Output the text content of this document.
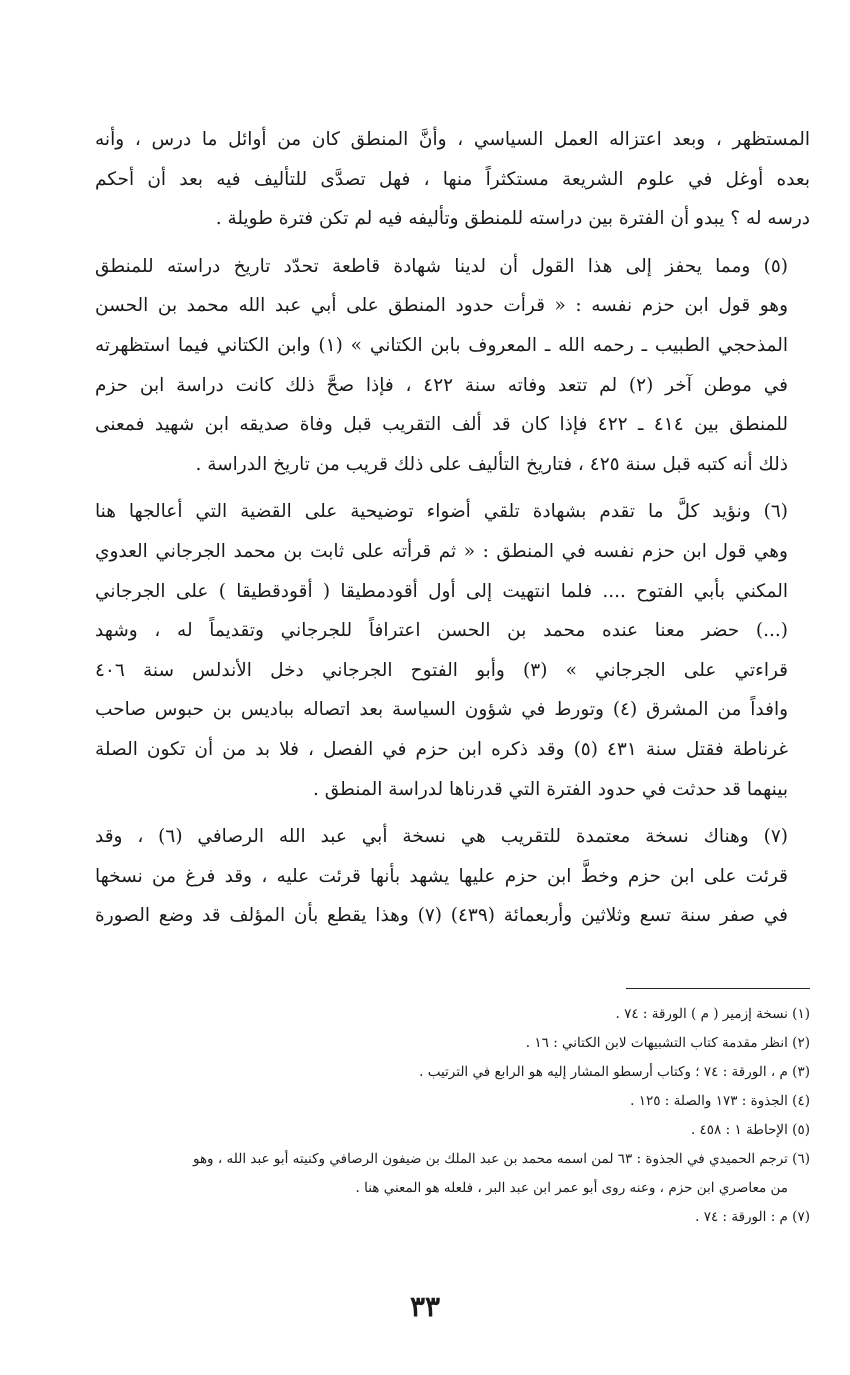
المستظهر ، وبعد اعتزاله العمل السياسي ، وأنَّ المنطق كان من أوائل ما درس ، وأنه
بعده أوغل في علوم الشريعة مستكثراً منها ، فهل تصدَّى للتأليف فيه بعد أن أحكم
درسه له ؟ يبدو أن الفترة بين دراسته للمنطق وتأليفه فيه لم تكن فترة طويلة .

(٥) ومما يحفز إلى هذا القول أن لدينا شهادة قاطعة تحدّد تاريخ دراسته للمنطق
وهو قول ابن حزم نفسه : « قرأت حدود المنطق على أبي عبد الله محمد بن الحسن
المذحجي الطبيب ـ رحمه الله ـ المعروف بابن الكتاني » (١) وابن الكتاني فيما استظهرته
في موطن آخر (٢) لم تتعد وفاته سنة ٤٢٢ ، فإذا صحَّ ذلك كانت دراسة ابن حزم
للمنطق بين ٤١٤ ـ ٤٢٢ فإذا كان قد ألف التقريب قبل وفاة صديقه ابن شهيد فمعنى
ذلك أنه كتبه قبل سنة ٤٢٥ ، فتاريخ التأليف على ذلك قريب من تاريخ الدراسة .

(٦) ونؤيد كلَّ ما تقدم بشهادة تلقي أضواء توضيحية على القضية التي أعالجها هنا
وهي قول ابن حزم نفسه في المنطق : « ثم قرأته على ثابت بن محمد الجرجاني العدوي
المكني بأبي الفتوح .... فلما انتهيت إلى أول أقودمطيقا ( أقودقطيقا ) على الجرجاني
(...) حضر معنا عنده محمد بن الحسن اعترافاً للجرجاني وتقديماً له ، وشهد
قراءتي على الجرجاني » (٣) وأبو الفتوح الجرجاني دخل الأندلس سنة ٤٠٦
وافداً من المشرق (٤) وتورط في شؤون السياسة بعد اتصاله بباديس بن حبوس صاحب
غرناطة فقتل سنة ٤٣١ (٥) وقد ذكره ابن حزم في الفصل ، فلا بد من أن تكون الصلة
بينهما قد حدثت في حدود الفترة التي قدرناها لدراسة المنطق .

(٧) وهناك نسخة معتمدة للتقريب هي نسخة أبي عبد الله الرصافي (٦) ، وقد
قرئت على ابن حزم وخطَّ ابن حزم عليها يشهد بأنها قرئت عليه ، وقد فرغ من نسخها
في صفر سنة تسع وثلاثين وأربعمائة (٤٣٩) (٧) وهذا يقطع بأن المؤلف قد وضع الصورة

(١) نسخة إزمير ( م ) الورقة : ٧٤ .
(٢) انظر مقدمة كتاب التشبيهات لابن الكتاني : ١٦ .
(٣) م ، الورقة : ٧٤ ؛ وكتاب أرسطو المشار إليه هو الرابع في الترتيب .
(٤) الجذوة : ١٧٣ والصلة : ١٢٥ .
(٥) الإحاطة ١ : ٤٥٨ .
(٦) ترجم الحميدي في الجذوة : ٦٣ لمن اسمه محمد بن عبد الملك بن ضيفون الرصافي وكنيته أبو عبد الله ، وهو
من معاصري ابن حزم ، وعنه روى أبو عمر ابن عبد البر ، فلعله هو المعني هنا .
(٧) م : الورقة : ٧٤ .
٣٣
